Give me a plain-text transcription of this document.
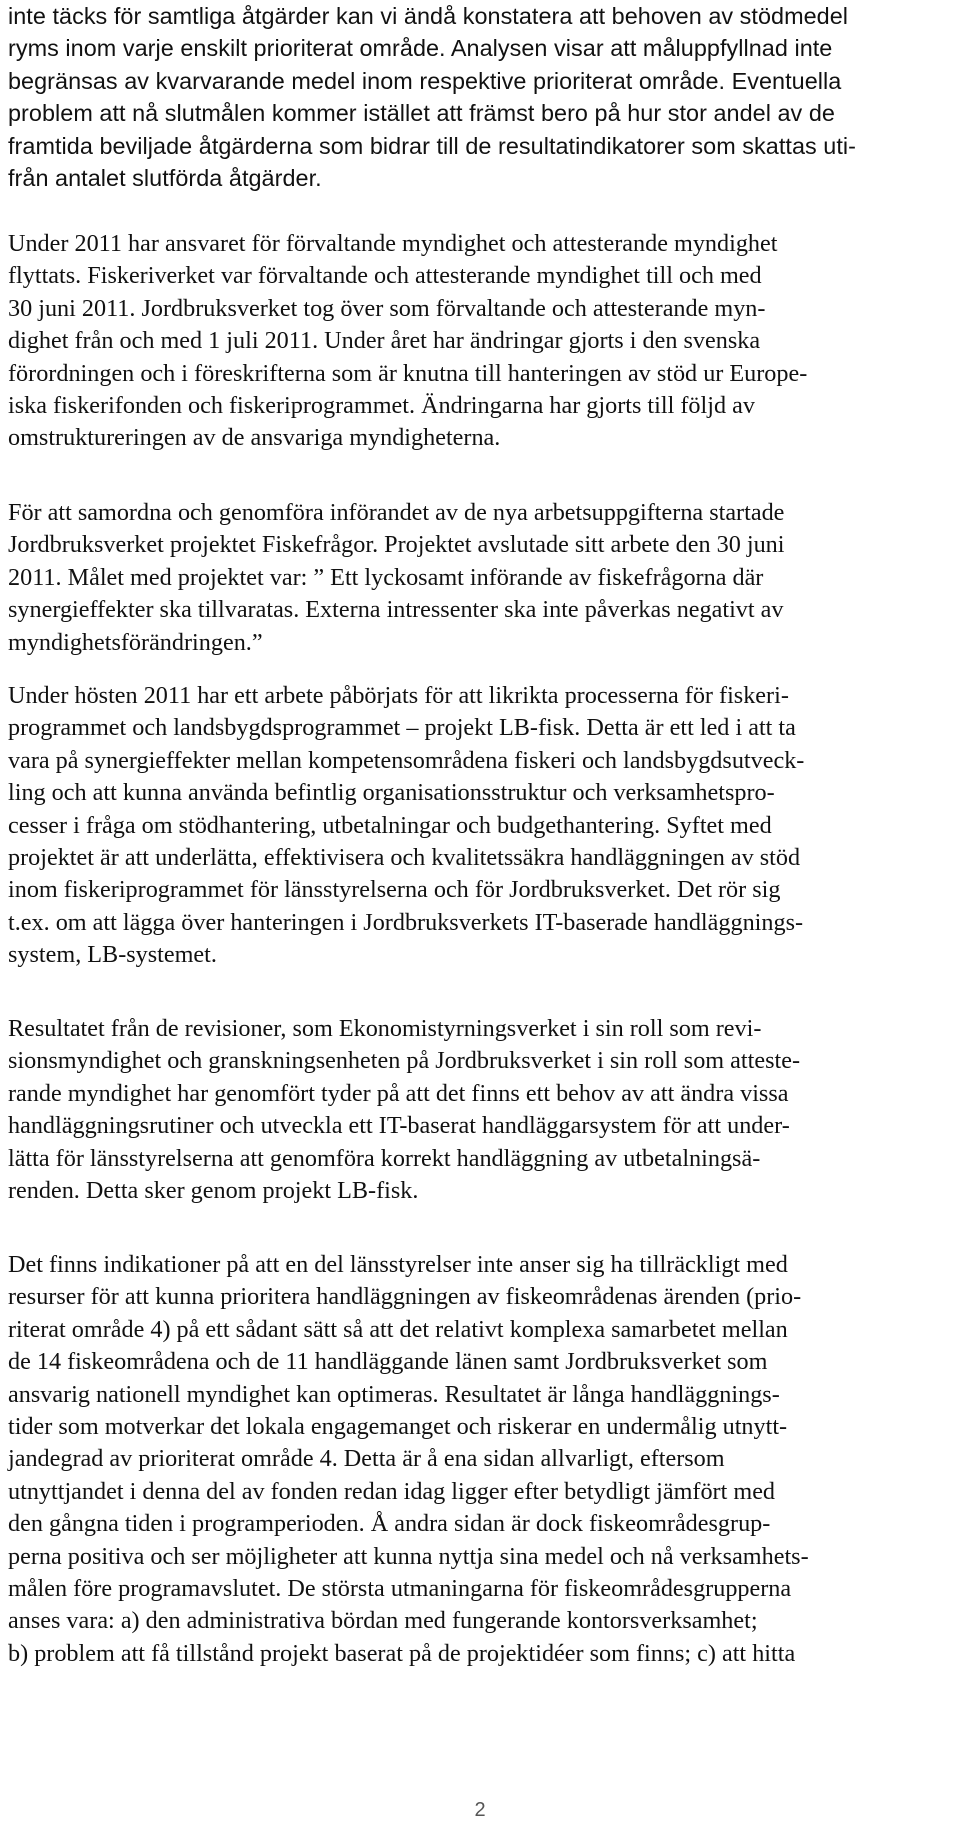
inte täcks för samtliga åtgärder kan vi ändå konstatera att behoven av stödmedel
ryms inom varje enskilt prioriterat område. Analysen visar att måluppfyllnad inte
begränsas av kvarvarande medel inom respektive prioriterat område. Eventuella
problem att nå slutmålen kommer istället att främst bero på hur stor andel av de
framtida beviljade åtgärderna som bidrar till de resultatindikatorer som skattas uti-
från antalet slutförda åtgärder.

Under 2011 har ansvaret för förvaltande myndighet och attesterande myndighet
flyttats. Fiskeriverket var förvaltande och attesterande myndighet till och med
30 juni 2011. Jordbruksverket tog över som förvaltande och attesterande myn-
dighet från och med 1 juli 2011. Under året har ändringar gjorts i den svenska
förordningen och i föreskrifterna som är knutna till hanteringen av stöd ur Europe-
iska fiskerifonden och fiskeriprogrammet. Ändringarna har gjorts till följd av
omstruktureringen av de ansvariga myndigheterna.

För att samordna och genomföra införandet av de nya arbetsuppgifterna startade
Jordbruksverket projektet Fiskefrågor. Projektet avslutade sitt arbete den 30 juni
2011. Målet med projektet var: ” Ett lyckosamt införande av fiskefrågorna där
synergieffekter ska tillvaratas. Externa intressenter ska inte påverkas negativt av
myndighetsförändringen.”

Under hösten 2011 har ett arbete påbörjats för att likrikta processerna för fiskeri-
programmet och landsbygdsprogrammet – projekt LB-fisk. Detta är ett led i att ta
vara på synergieffekter mellan kompetensområdena fiskeri och landsbygdsutveck-
ling och att kunna använda befintlig organisationsstruktur och verksamhetspro-
cesser i fråga om stödhantering, utbetalningar och budgethantering. Syftet med
projektet är att underlätta, effektivisera och kvalitetssäkra handläggningen av stöd
inom fiskeriprogrammet för länsstyrelserna och för Jordbruksverket. Det rör sig
t.ex. om att lägga över hanteringen i Jordbruksverkets IT-baserade handläggnings-
system, LB-systemet.

Resultatet från de revisioner, som Ekonomistyrningsverket i sin roll som revi-
sionsmyndighet och granskningsenheten på Jordbruksverket i sin roll som atteste-
rande myndighet har genomfört tyder på att det finns ett behov av att ändra vissa
handläggningsrutiner och utveckla ett IT-baserat handläggarsystem för att under-
lätta för länsstyrelserna att genomföra korrekt handläggning av utbetalningsä-
renden. Detta sker genom projekt LB-fisk.

Det finns indikationer på att en del länsstyrelser inte anser sig ha tillräckligt med
resurser för att kunna prioritera handläggningen av fiskeområdenas ärenden (prio-
riterat område 4) på ett sådant sätt så att det relativt komplexa samarbetet mellan
de 14 fiskeområdena och de 11 handläggande länen samt Jordbruksverket som
ansvarig nationell myndighet kan optimeras. Resultatet är långa handläggnings-
tider som motverkar det lokala engagemanget och riskerar en undermålig utnytt-
jandegrad av prioriterat område 4. Detta är å ena sidan allvarligt, eftersom
utnyttjandet i denna del av fonden redan idag ligger efter betydligt jämfört med
den gångna tiden i programperioden. Å andra sidan är dock fiskeområdesgrup-
perna positiva och ser möjligheter att kunna nyttja sina medel och nå verksamhets-
målen före programavslutet. De största utmaningarna för fiskeområdesgrupperna
anses vara: a) den administrativa bördan med fungerande kontorsverksamhet;
b) problem att få tillstånd projekt baserat på de projektidéer som finns; c) att hitta

2
